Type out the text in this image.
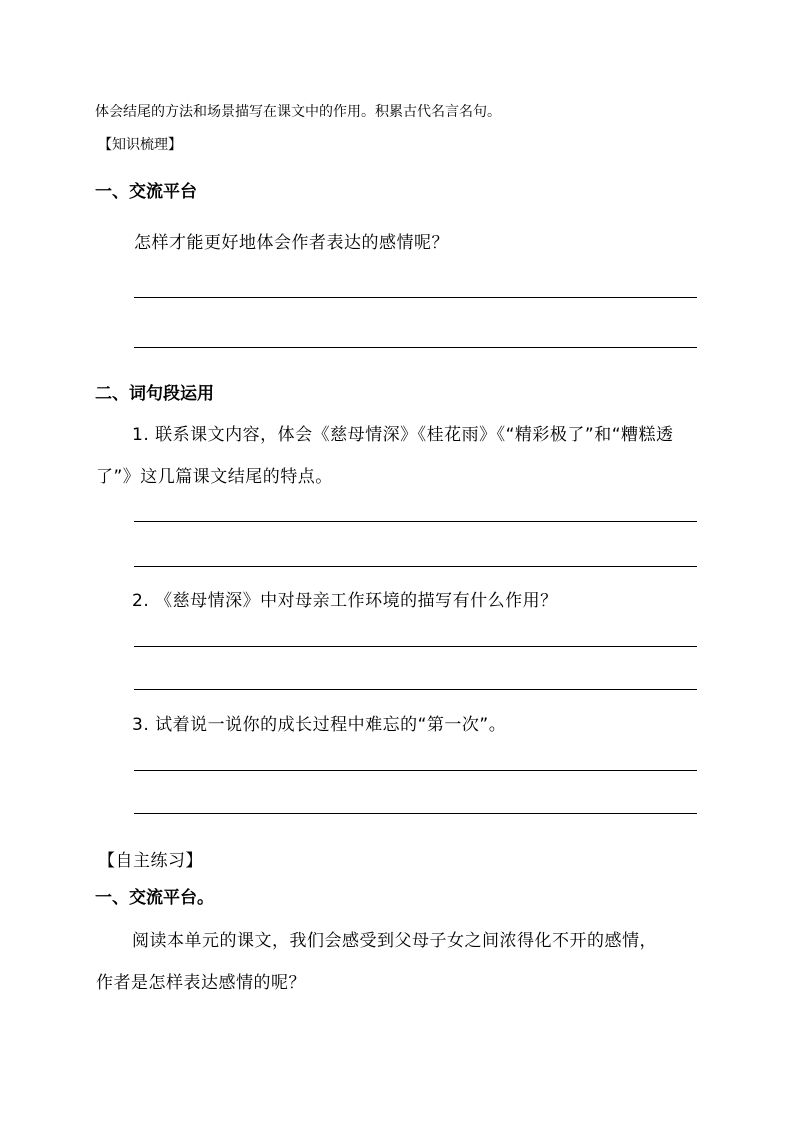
体会结尾的方法和场景描写在课文中的作用。积累古代名言名句。
【知识梳理】
一、交流平台
怎样才能更好地体会作者表达的感情呢？
二、词句段运用
1. 联系课文内容，体会《慈母情深》《桂花雨》《“精彩极了”和“糟糕透
了”》这几篇课文结尾的特点。
2. 《慈母情深》中对母亲工作环境的描写有什么作用？
3. 试着说一说你的成长过程中难忘的“第一次”。
【自主练习】
一、交流平台。
阅读本单元的课文，我们会感受到父母子女之间浓得化不开的感情，
作者是怎样表达感情的呢？
